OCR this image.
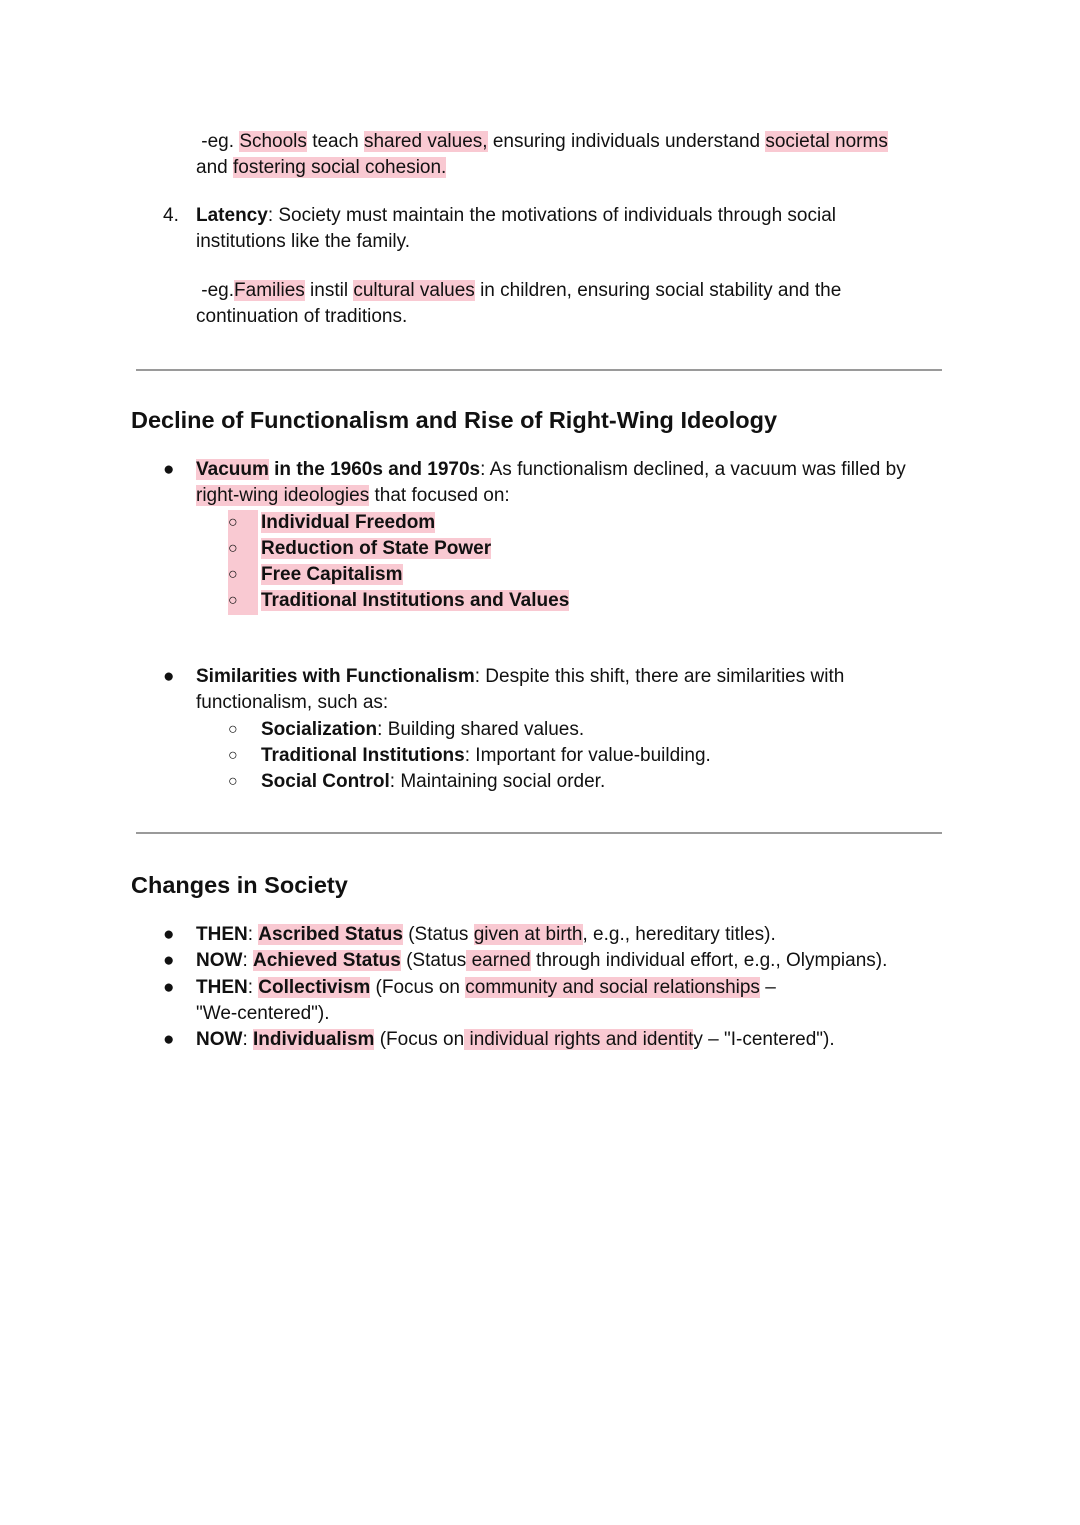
-eg. Schools teach shared values, ensuring individuals understand societal norms
and fostering social cohesion.
4. Latency: Society must maintain the motivations of individuals through social
institutions like the family.
-eg.Families instil cultural values in children, ensuring social stability and the
continuation of traditions.
Decline of Functionalism and Rise of Right-Wing Ideology
● Vacuum in the 1960s and 1970s: As functionalism declined, a vacuum was filled by
right-wing ideologies that focused on:
○	Individual Freedom
○	Reduction of State Power
○	Free Capitalism
○	Traditional Institutions and Values
● Similarities with Functionalism: Despite this shift, there are similarities with
functionalism, such as:
○ Socialization: Building shared values.
○ Traditional Institutions: Important for value-building.
○ Social Control: Maintaining social order.
Changes in Society
● THEN: Ascribed Status (Status given at birth, e.g., hereditary titles).
● NOW: Achieved Status (Status earned through individual effort, e.g., Olympians).
● THEN: Collectivism (Focus on community and social relationships –
"We-centered").
● NOW: Individualism (Focus on individual rights and identity – "I-centered").
